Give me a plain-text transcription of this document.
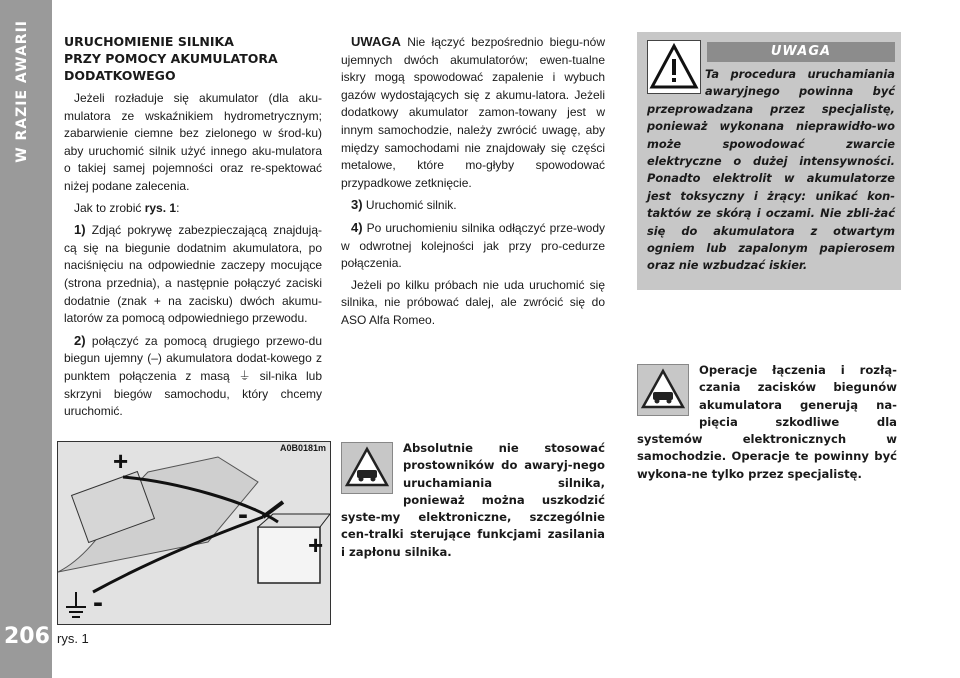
W RAZIE AWARII
206
URUCHOMIENIE SILNIKA
PRZY POMOCY AKUMULATORA
DODATKOWEGO

Jeżeli rozładuje się akumulator (dla aku-mulatora ze wskaźnikiem hydrometrycznym; zabarwienie ciemne bez zielonego w środ-ku) aby uruchomić silnik użyć innego aku-mulatora o takiej samej pojemności oraz re-spektować niżej podane zalecenia.

Jak to zrobić rys. 1:

1) Zdjąć pokrywę zabezpieczającą znajdują-cą się na biegunie dodatnim akumulatora, po naciśnięciu na odpowiednie zaczepy mocujące (strona przednia), a następnie połączyć zaciski dodatnie (znak + na zacisku) dwóch akumu-latorów za pomocą odpowiedniego przewodu.

2) połączyć za pomocą drugiego przewo-du biegun ujemny (–) akumulatora dodat-kowego z punktem połączenia z masą ⏚ sil-nika lub skrzyni biegów samochodu, który chcemy uruchomić.

A0B0181m
+
-
+
-
rys. 1

UWAGA Nie łączyć bezpośrednio biegu-nów ujemnych dwóch akumulatorów; ewen-tualne iskry mogą spowodować zapalenie i wybuch gazów wydostających się z akumu-latora. Jeżeli dodatkowy akumulator zamon-towany jest w innym samochodzie, należy zwrócić uwagę, aby między samochodami nie znajdowały się części metalowe, które mo-głyby spowodować przypadkowe zetknięcie.

3) Uruchomić silnik.

4) Po uruchomieniu silnika odłączyć prze-wody w odwrotnej kolejności jak przy pro-cedurze połączenia.

Jeżeli po kilku próbach nie uda uruchomić się silnika, nie próbować dalej, ale zwrócić się do ASO Alfa Romeo.

Absolutnie nie stosować prostowników do awaryj-nego uruchamiania silnika, ponieważ można uszkodzić syste-my elektroniczne, szczególnie cen-tralki sterujące funkcjami zasilania i zapłonu silnika.
UWAGA
Ta procedura uruchamiania awaryjnego powinna być przeprowadzana przez specjalistę, ponieważ wykonana nieprawidło-wo może spowodować zwarcie elektryczne o dużej intensywności. Ponadto elektrolit w akumulatorze jest toksyczny i żrący: unikać kon-taktów ze skórą i oczami. Nie zbli-żać się do akumulatora z otwartym ogniem lub zapalonym papierosem oraz nie wzbudzać iskier.
Operacje łączenia i rozłą-czania zacisków biegunów akumulatora generują na-pięcia szkodliwe dla systemów elektronicznych w samochodzie. Operacje te powinny być wykona-ne tylko przez specjalistę.
